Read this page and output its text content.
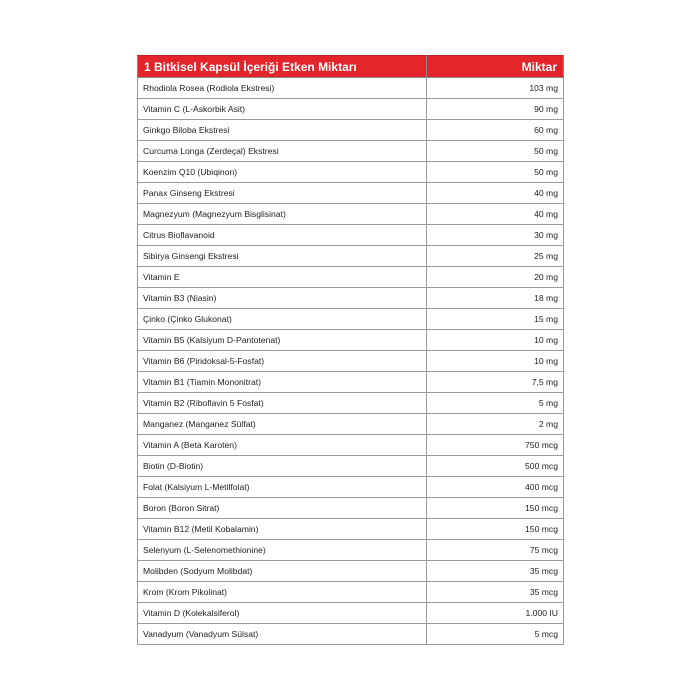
1 Bitkisel Kapsül İçeriği Etken Miktarı	Miktar
Rhodiola Rosea (Rodiola Ekstresi)	103 mg
Vitamin C (L-Askorbik Asit)	90 mg
Ginkgo Biloba Ekstresi	60 mg
Curcuma Longa (Zerdeçal) Ekstresi	50 mg
Koenzim Q10 (Ubiqinon)	50 mg
Panax Ginseng Ekstresi	40 mg
Magnezyum (Magnezyum Bisglisinat)	40 mg
Citrus Bioflavanoid	30 mg
Sibirya Ginsengi Ekstresi	25 mg
Vitamin E	20 mg
Vitamin B3 (Niasin)	18 mg
Çinko (Çinko Glukonat)	15 mg
Vitamin B5 (Kalsiyum D-Pantotenat)	10 mg
Vitamin B6 (Piridoksal-5-Fosfat)	10 mg
Vitamin B1 (Tiamin Mononitrat)	7,5 mg
Vitamin B2 (Riboflavin 5 Fosfat)	5 mg
Manganez (Manganez Sülfat)	2 mg
Vitamin A (Beta Karoten)	750 mcg
Biotin (D-Biotin)	500 mcg
Folat (Kalsiyum L-Metilfolat)	400 mcg
Boron (Boron Sitrat)	150 mcg
Vitamin B12 (Metil Kobalamin)	150 mcg
Selenyum (L-Selenomethionine)	75 mcg
Molibden (Sodyum Molibdat)	35 mcg
Krom (Krom Pikolinat)	35 mcg
Vitamin D (Kolekalsiferol)	1.000 IU
Vanadyum (Vanadyum Sülsat)	5 mcg
